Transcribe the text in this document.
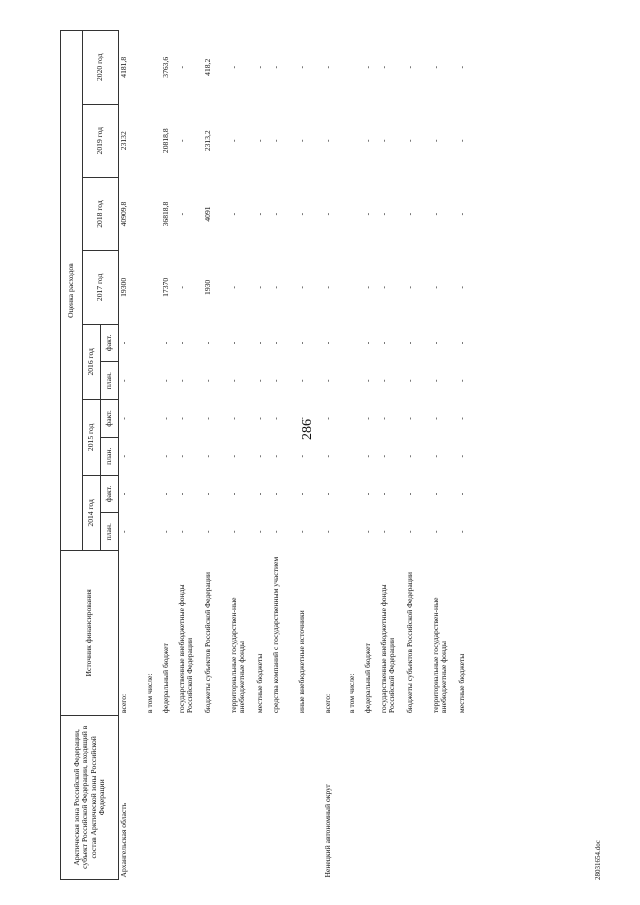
286
28031654.doc
Арктическая зона Российской Федерации, субъект Российской Федерации, входящий в состав Арктической зоны Российской Федерации	Источник финансирования	Оценка расходов									
		2014 год		2015 год		2016 год		2017 год	2018 год	2019 год	2020 год
		план.	факт.	план.	факт.	план.	факт.				
Архангельская область	всего:	-	-	-	-	-	-	19300	40909,8	23132	4181,8
	в том числе:										
	федеральный бюджет	-	-	-	-	-	-	17370	36818,8	20818,8	3763,6
	государственные внебюджетные фонды Российской Федерации	-	-	-	-	-	-	-	-	-	-
	бюджеты субъектов Российской Федерации	-	-	-	-	-	-	1930	4091	2313,2	418,2
	территориальные государствен-ные внебюджетные фонды	-	-	-	-	-	-	-	-	-	-
	местные бюджеты	-	-	-	-	-	-	-	-	-	-
	средства компаний с государственным участием	-	-	-	-	-	-	-	-	-	-
	иные внебюджетные источники	-	-	-	-	-	-	-	-	-	-
Ненецкий автономный округ	всего:	-	-	-	-	-	-	-	-	-	-
	в том числе:										
	федеральный бюджет	-	-	-	-	-	-	-	-	-	-
	государственные внебюджетные фонды Российской Федерации	-	-	-	-	-	-	-	-	-	-
	бюджеты субъектов Российской Федерации	-	-	-	-	-	-	-	-	-	-
	территориальные государствен-ные внебюджетные фонды	-	-	-	-	-	-	-	-	-	-
	местные бюджеты	-	-	-	-	-	-	-	-	-	-
